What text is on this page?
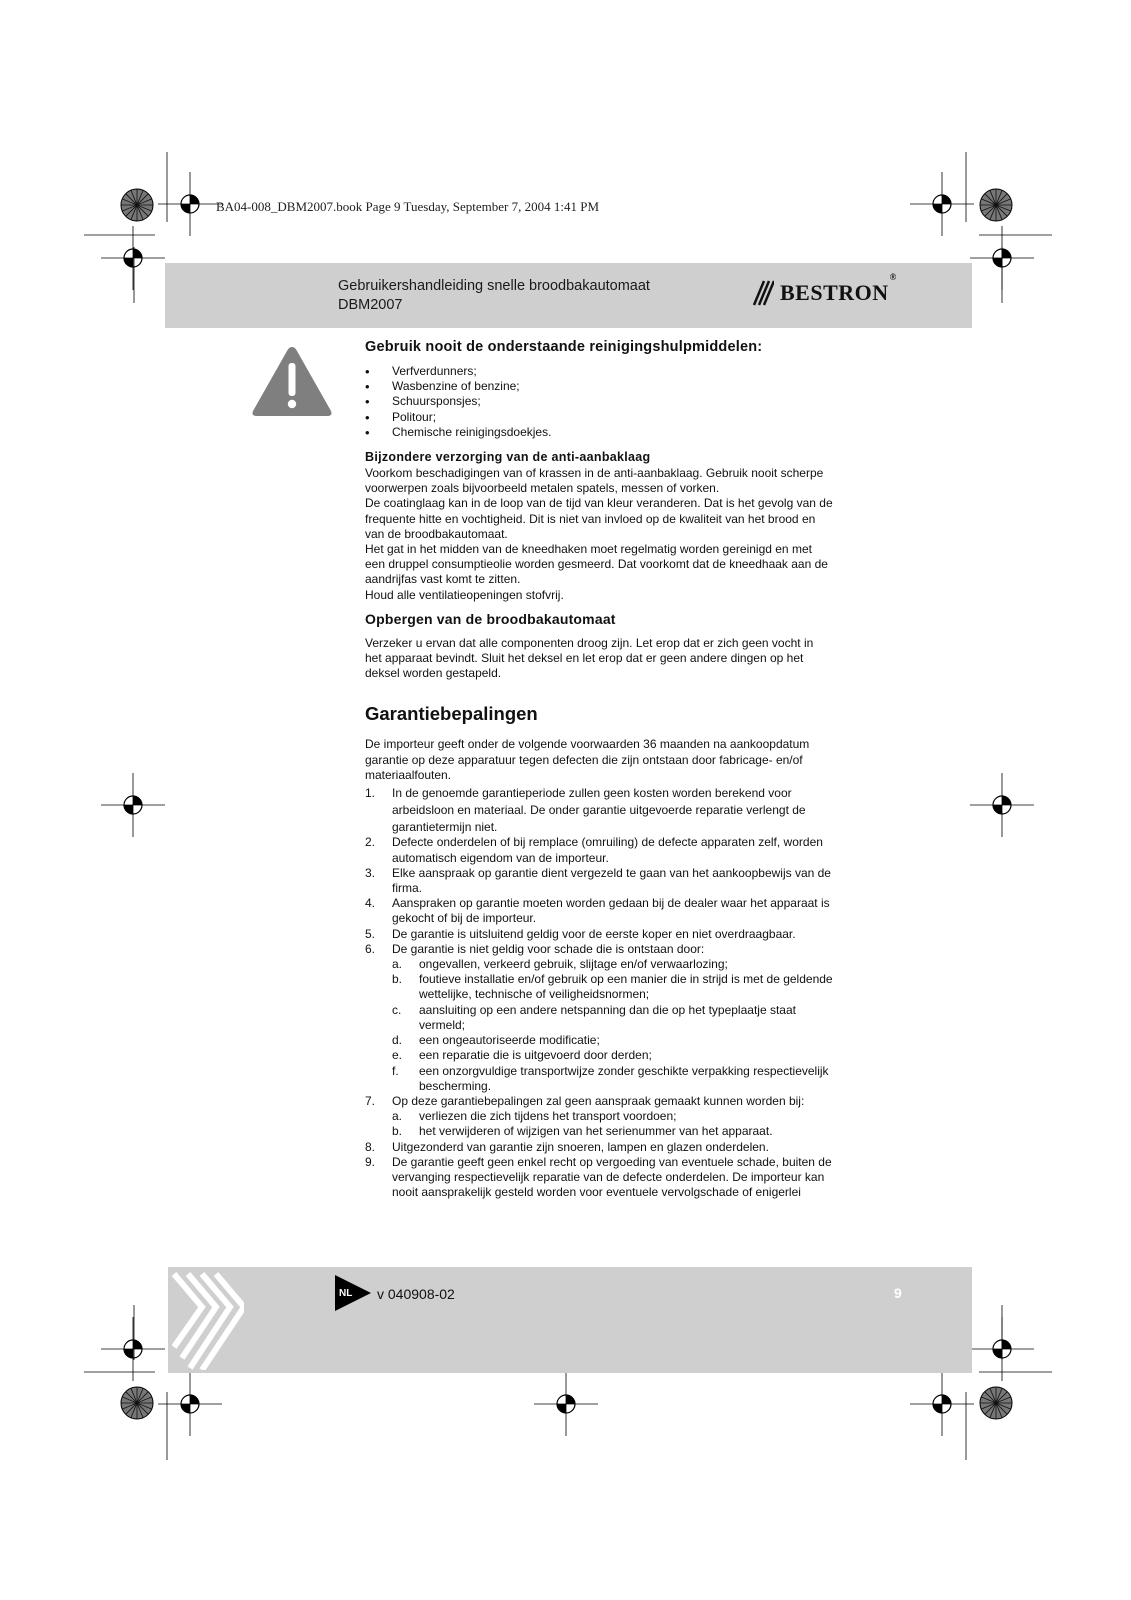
BA04-008_DBM2007.book Page 9 Tuesday, September 7, 2004 1:41 PM
Gebruikershandleiding snelle broodbakautomaat
DBM2007	BESTRON®
Gebruik nooit de onderstaande reinigingshulpmiddelen:
• Verfverdunners;
• Wasbenzine of benzine;
• Schuursponsjes;
• Politour;
• Chemische reinigingsdoekjes.
Bijzondere verzorging van de anti-aanbaklaag

Voorkom beschadigingen van of krassen in de anti-aanbaklaag. Gebruik nooit scherpe

voorwerpen zoals bijvoorbeeld metalen spatels, messen of vorken.

De coatinglaag kan in de loop van de tijd van kleur veranderen. Dat is het gevolg van de

frequente hitte en vochtigheid. Dit is niet van invloed op de kwaliteit van het brood en

van de broodbakautomaat.

Het gat in het midden van de kneedhaken moet regelmatig worden gereinigd en met

een druppel consumptieolie worden gesmeerd. Dat voorkomt dat de kneedhaak aan de

aandrijfas vast komt te zitten.

Houd alle ventilatieopeningen stofvrij.

Opbergen van de broodbakautomaat

Verzeker u ervan dat alle componenten droog zijn. Let erop dat er zich geen vocht in

het apparaat bevindt. Sluit het deksel en let erop dat er geen andere dingen op het

deksel worden gestapeld.

Garantiebepalingen

De importeur geeft onder de volgende voorwaarden 36 maanden na aankoopdatum

garantie op deze apparatuur tegen defecten die zijn ontstaan door fabricage- en/of

materiaalfouten.

1. In de genoemde garantieperiode zullen geen kosten worden berekend voor
arbeidsloon en materiaal. De onder garantie uitgevoerde reparatie verlengt de
garantietermijn niet.
2. Defecte onderdelen of bij remplace (omruiling) de defecte apparaten zelf, worden
automatisch eigendom van de importeur.
3. Elke aanspraak op garantie dient vergezeld te gaan van het aankoopbewijs van de
firma.
4. Aanspraken op garantie moeten worden gedaan bij de dealer waar het apparaat is
gekocht of bij de importeur.
5. De garantie is uitsluitend geldig voor de eerste koper en niet overdraagbaar.
6. De garantie is niet geldig voor schade die is ontstaan door:
a. ongevallen, verkeerd gebruik, slijtage en/of verwaarlozing;
b. foutieve installatie en/of gebruik op een manier die in strijd is met de geldende
wettelijke, technische of veiligheidsnormen;
c. aansluiting op een andere netspanning dan die op het typeplaatje staat
vermeld;
d. een ongeautoriseerde modificatie;
e. een reparatie die is uitgevoerd door derden;
f. een onzorgvuldige transportwijze zonder geschikte verpakking respectievelijk
bescherming.
7. Op deze garantiebepalingen zal geen aanspraak gemaakt kunnen worden bij:
a. verliezen die zich tijdens het transport voordoen;
b. het verwijderen of wijzigen van het serienummer van het apparaat.
8. Uitgezonderd van garantie zijn snoeren, lampen en glazen onderdelen.
9. De garantie geeft geen enkel recht op vergoeding van eventuele schade, buiten de
vervanging respectievelijk reparatie van de defecte onderdelen. De importeur kan
nooit aansprakelijk gesteld worden voor eventuele vervolgschade of enigerlei
NL v 040908-02	9
